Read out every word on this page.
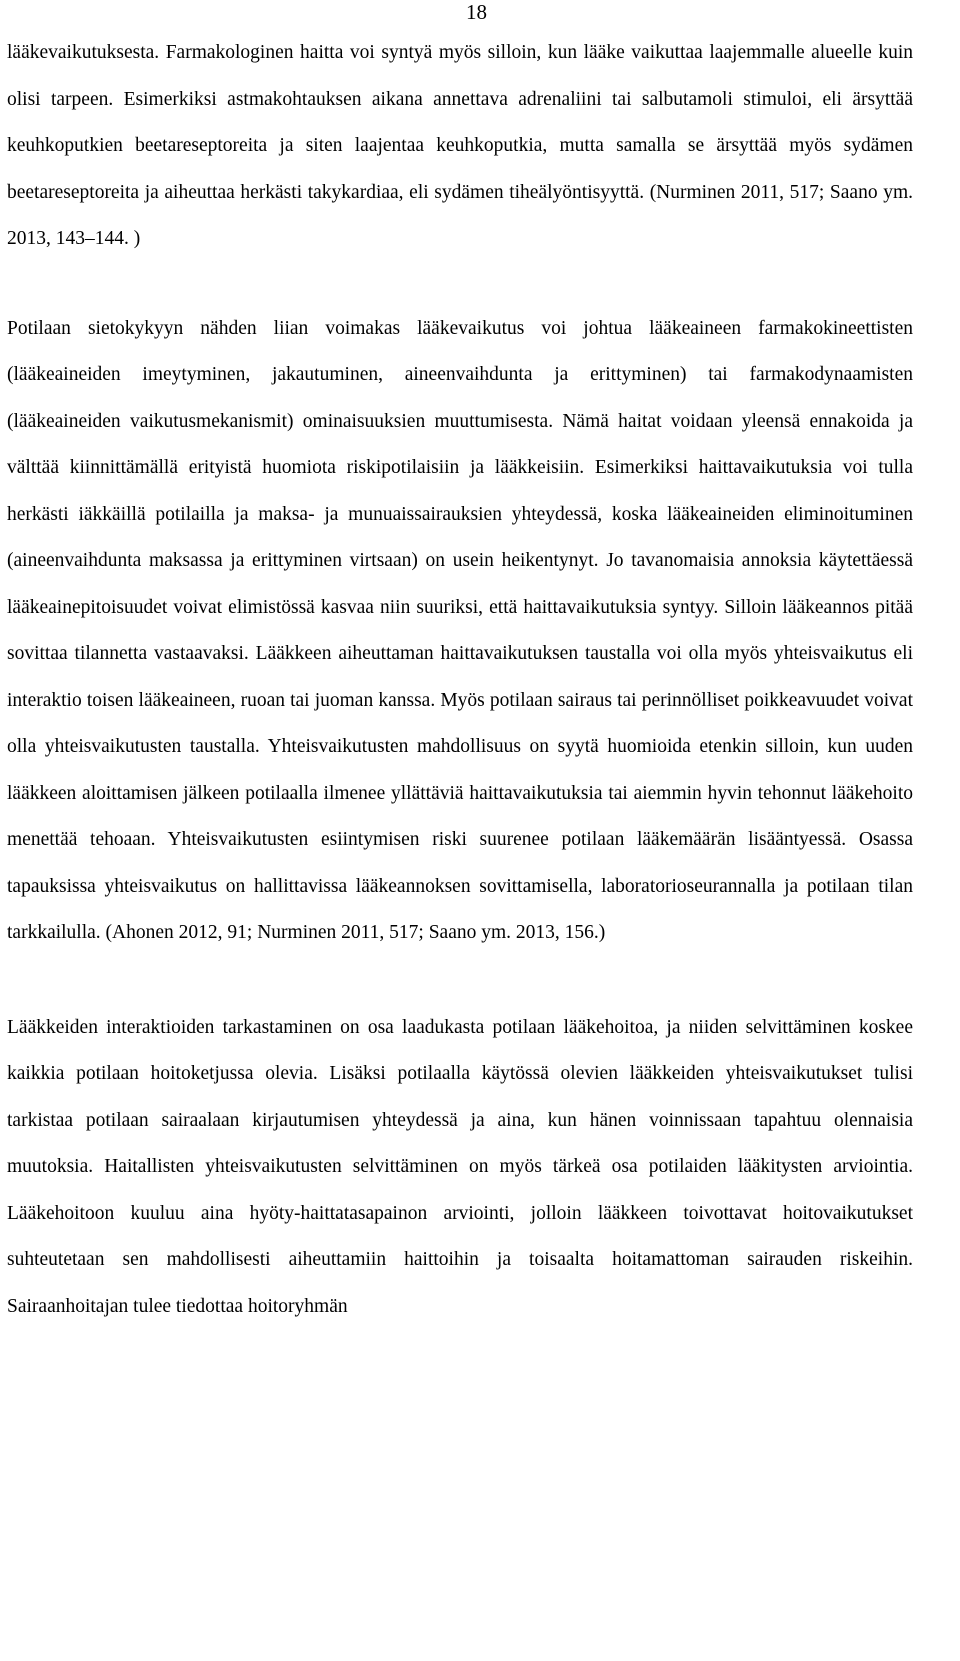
18

lääkevaikutuksesta. Farmakologinen haitta voi syntyä myös silloin, kun lääke vaikuttaa laajemmalle alueelle kuin olisi tarpeen. Esimerkiksi astmakohtauksen aikana annettava adrenaliini tai salbutamoli stimuloi, eli ärsyttää keuhkoputkien beetareseptoreita ja siten laajentaa keuhkoputkia, mutta samalla se ärsyttää myös sydämen beetareseptoreita ja aiheuttaa herkästi takykardiaa, eli sydämen tiheälyöntisyyttä. (Nurminen 2011, 517; Saano ym. 2013, 143–144. )

Potilaan sietokykyyn nähden liian voimakas lääkevaikutus voi johtua lääkeaineen farmakokineettisten (lääkeaineiden imeytyminen, jakautuminen, aineenvaihdunta ja erittyminen) tai farmakodynaamisten (lääkeaineiden vaikutusmekanismit) ominaisuuksien muuttumisesta. Nämä haitat voidaan yleensä ennakoida ja välttää kiinnittämällä erityistä huomiota riskipotilaisiin ja lääkkeisiin. Esimerkiksi haittavaikutuksia voi tulla herkästi iäkkäillä potilailla ja maksa- ja munuaissairauksien yhteydessä, koska lääkeaineiden eliminoituminen (aineenvaihdunta maksassa ja erittyminen virtsaan) on usein heikentynyt. Jo tavanomaisia annoksia käytettäessä lääkeainepitoisuudet voivat elimistössä kasvaa niin suuriksi, että haittavaikutuksia syntyy. Silloin lääkeannos pitää sovittaa tilannetta vastaavaksi. Lääkkeen aiheuttaman haittavaikutuksen taustalla voi olla myös yhteisvaikutus eli interaktio toisen lääkeaineen, ruoan tai juoman kanssa. Myös potilaan sairaus tai perinnölliset poikkeavuudet voivat olla yhteisvaikutusten taustalla. Yhteisvaikutusten mahdollisuus on syytä huomioida etenkin silloin, kun uuden lääkkeen aloittamisen jälkeen potilaalla ilmenee yllättäviä haittavaikutuksia tai aiemmin hyvin tehonnut lääkehoito menettää tehoaan. Yhteisvaikutusten esiintymisen riski suurenee potilaan lääkemäärän lisääntyessä. Osassa tapauksissa yhteisvaikutus on hallittavissa lääkeannoksen sovittamisella, laboratorioseurannalla ja potilaan tilan tarkkailulla. (Ahonen 2012, 91; Nurminen 2011, 517; Saano ym. 2013, 156.)

Lääkkeiden interaktioiden tarkastaminen on osa laadukasta potilaan lääkehoitoa, ja niiden selvittäminen koskee kaikkia potilaan hoitoketjussa olevia. Lisäksi potilaalla käytössä olevien lääkkeiden yhteisvaikutukset tulisi tarkistaa potilaan sairaalaan kirjautumisen yhteydessä ja aina, kun hänen voinnissaan tapahtuu olennaisia muutoksia. Haitallisten yhteisvaikutusten selvittäminen on myös tärkeä osa potilaiden lääkitysten arviointia. Lääkehoitoon kuuluu aina hyöty-haittatasapainon arviointi, jolloin lääkkeen toivottavat hoitovaikutukset suhteutetaan sen mahdollisesti aiheuttamiin haittoihin ja toisaalta hoitamattoman sairauden riskeihin. Sairaanhoitajan tulee tiedottaa hoitoryhmän
